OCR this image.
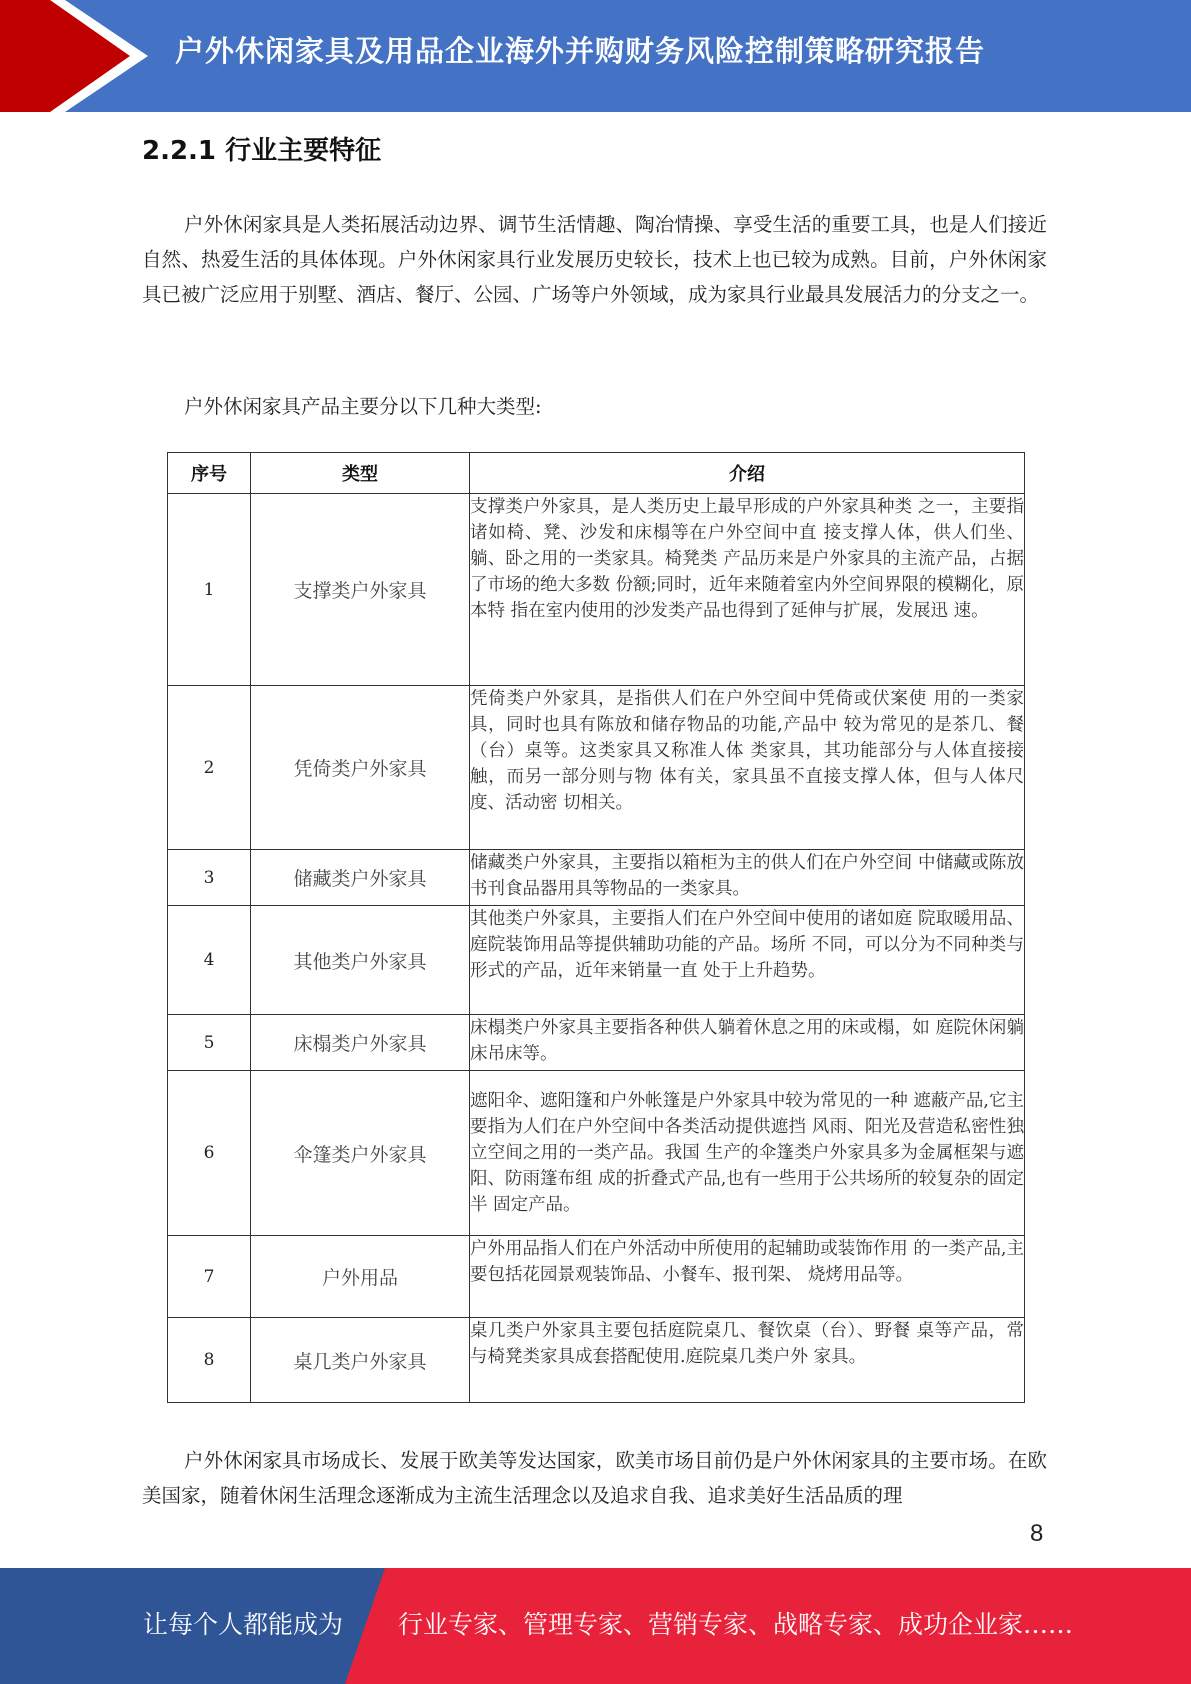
户外休闲家具及用品企业海外并购财务风险控制策略研究报告
2.2.1 行业主要特征
户外休闲家具是人类拓展活动边界、调节生活情趣、陶冶情操、享受生活的重要工具，也是人们接近自然、热爱生活的具体体现。户外休闲家具行业发展历史较长，技术上也已较为成熟。目前，户外休闲家具已被广泛应用于别墅、酒店、餐厅、公园、广场等户外领域，成为家具行业最具发展活力的分支之一。
户外休闲家具产品主要分以下几种大类型:
序号	类型	介绍
1	支撑类户外家具	支撑类户外家具，是人类历史上最早形成的户外家具种类 之一，主要指诸如椅、凳、沙发和床榻等在户外空间中直 接支撑人体，供人们坐、躺、卧之用的一类家具。椅凳类 产品历来是户外家具的主流产品，占据了市场的绝大多数 份额;同时，近年来随着室内外空间界限的模糊化，原本特 指在室内使用的沙发类产品也得到了延伸与扩展，发展迅 速。
2	凭倚类户外家具	凭倚类户外家具，是指供人们在户外空间中凭倚或伏案使 用的一类家具，同时也具有陈放和储存物品的功能,产品中 较为常见的是茶几、餐（台）桌等。这类家具又称准人体 类家具，其功能部分与人体直接接触，而另一部分则与物 体有关，家具虽不直接支撑人体，但与人体尺度、活动密 切相关。
3	储藏类户外家具	储藏类户外家具，主要指以箱柜为主的供人们在户外空间 中储藏或陈放书刊食品器用具等物品的一类家具。
4	其他类户外家具	其他类户外家具，主要指人们在户外空间中使用的诸如庭 院取暖用品、庭院装饰用品等提供辅助功能的产品。场所 不同，可以分为不同种类与形式的产品，近年来销量一直 处于上升趋势。
5	床榻类户外家具	床榻类户外家具主要指各种供人躺着休息之用的床或榻，如 庭院休闲躺床吊床等。
6	伞篷类户外家具	遮阳伞、遮阳篷和户外帐篷是户外家具中较为常见的一种 遮蔽产品,它主要指为人们在户外空间中各类活动提供遮挡 风雨、阳光及营造私密性独立空间之用的一类产品。我国 生产的伞篷类户外家具多为金属框架与遮阳、防雨篷布组 成的折叠式产品,也有一些用于公共场所的较复杂的固定半 固定产品。
7	户外用品	户外用品指人们在户外活动中所使用的起辅助或装饰作用 的一类产品,主要包括花园景观装饰品、小餐车、报刊架、 烧烤用品等。
8	桌几类户外家具	桌几类户外家具主要包括庭院桌几、餐饮桌（台）、野餐 桌等产品，常与椅凳类家具成套搭配使用.庭院桌几类户外 家具。
户外休闲家具市场成长、发展于欧美等发达国家，欧美市场目前仍是户外休闲家具的主要市场。在欧美国家，随着休闲生活理念逐渐成为主流生活理念以及追求自我、追求美好生活品质的理
8
让每个人都能成为 行业专家、管理专家、营销专家、战略专家、成功企业家……
